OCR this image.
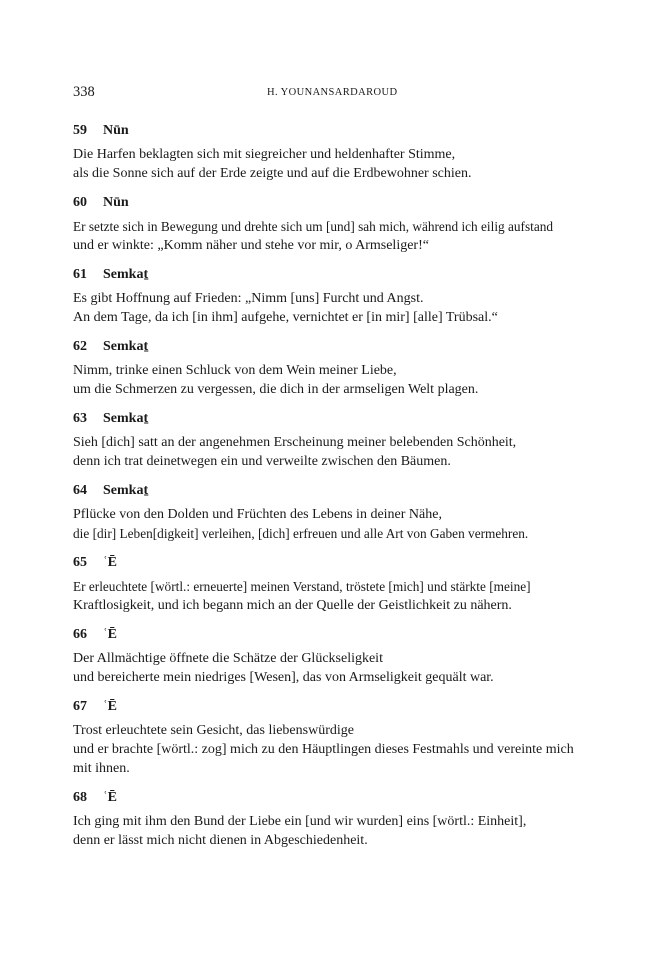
338	H. YOUNANSARDAROUD
59 Nūn
Die Harfen beklagten sich mit siegreicher und heldenhafter Stimme,
als die Sonne sich auf der Erde zeigte und auf die Erdbewohner schien.
60 Nūn
Er setzte sich in Bewegung und drehte sich um [und] sah mich, während ich eilig aufstand
und er winkte: „Komm näher und stehe vor mir, o Armseliger!“
61 Semkaṯ
Es gibt Hoffnung auf Frieden: „Nimm [uns] Furcht und Angst.
An dem Tage, da ich [in ihm] aufgehe, vernichtet er [in mir] [alle] Trübsal.“
62 Semkaṯ
Nimm, trinke einen Schluck von dem Wein meiner Liebe,
um die Schmerzen zu vergessen, die dich in der armseligen Welt plagen.
63 Semkaṯ
Sieh [dich] satt an der angenehmen Erscheinung meiner belebenden Schönheit,
denn ich trat deinetwegen ein und verweilte zwischen den Bäumen.
64 Semkaṯ
Pflücke von den Dolden und Früchten des Lebens in deiner Nähe,
die [dir] Leben[digkeit] verleihen, [dich] erfreuen und alle Art von Gaben vermehren.
65 ʿĒ
Er erleuchtete [wörtl.: erneuerte] meinen Verstand, tröstete [mich] und stärkte [meine]
Kraftlosigkeit, und ich begann mich an der Quelle der Geistlichkeit zu nähern.
66 ʿĒ
Der Allmächtige öffnete die Schätze der Glückseligkeit
und bereicherte mein niedriges [Wesen], das von Armseligkeit gequält war.
67 ʿĒ
Trost erleuchtete sein Gesicht, das liebenswürdige
und er brachte [wörtl.: zog] mich zu den Häuptlingen dieses Festmahls und vereinte mich mit ihnen.
68 ʿĒ
Ich ging mit ihm den Bund der Liebe ein [und wir wurden] eins [wörtl.: Einheit],
denn er lässt mich nicht dienen in Abgeschiedenheit.
